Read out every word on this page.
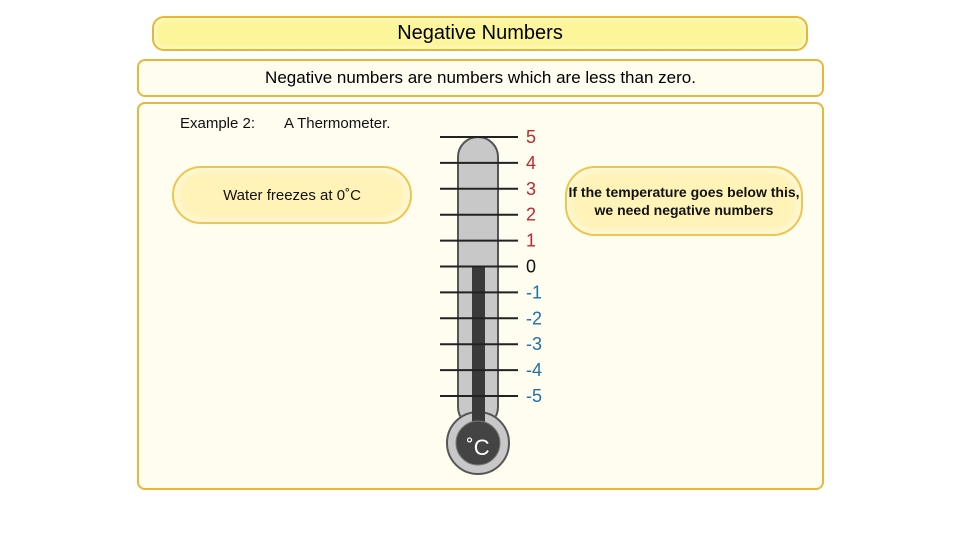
Negative Numbers
Negative numbers are numbers which are less than zero.
Example 2: A Thermometer.
Water freezes at 0˚C	If the temperature goes below this, we need negative numbers
˚C
5
4
3
2
1
0
-1
-2
-3
-4
-5
